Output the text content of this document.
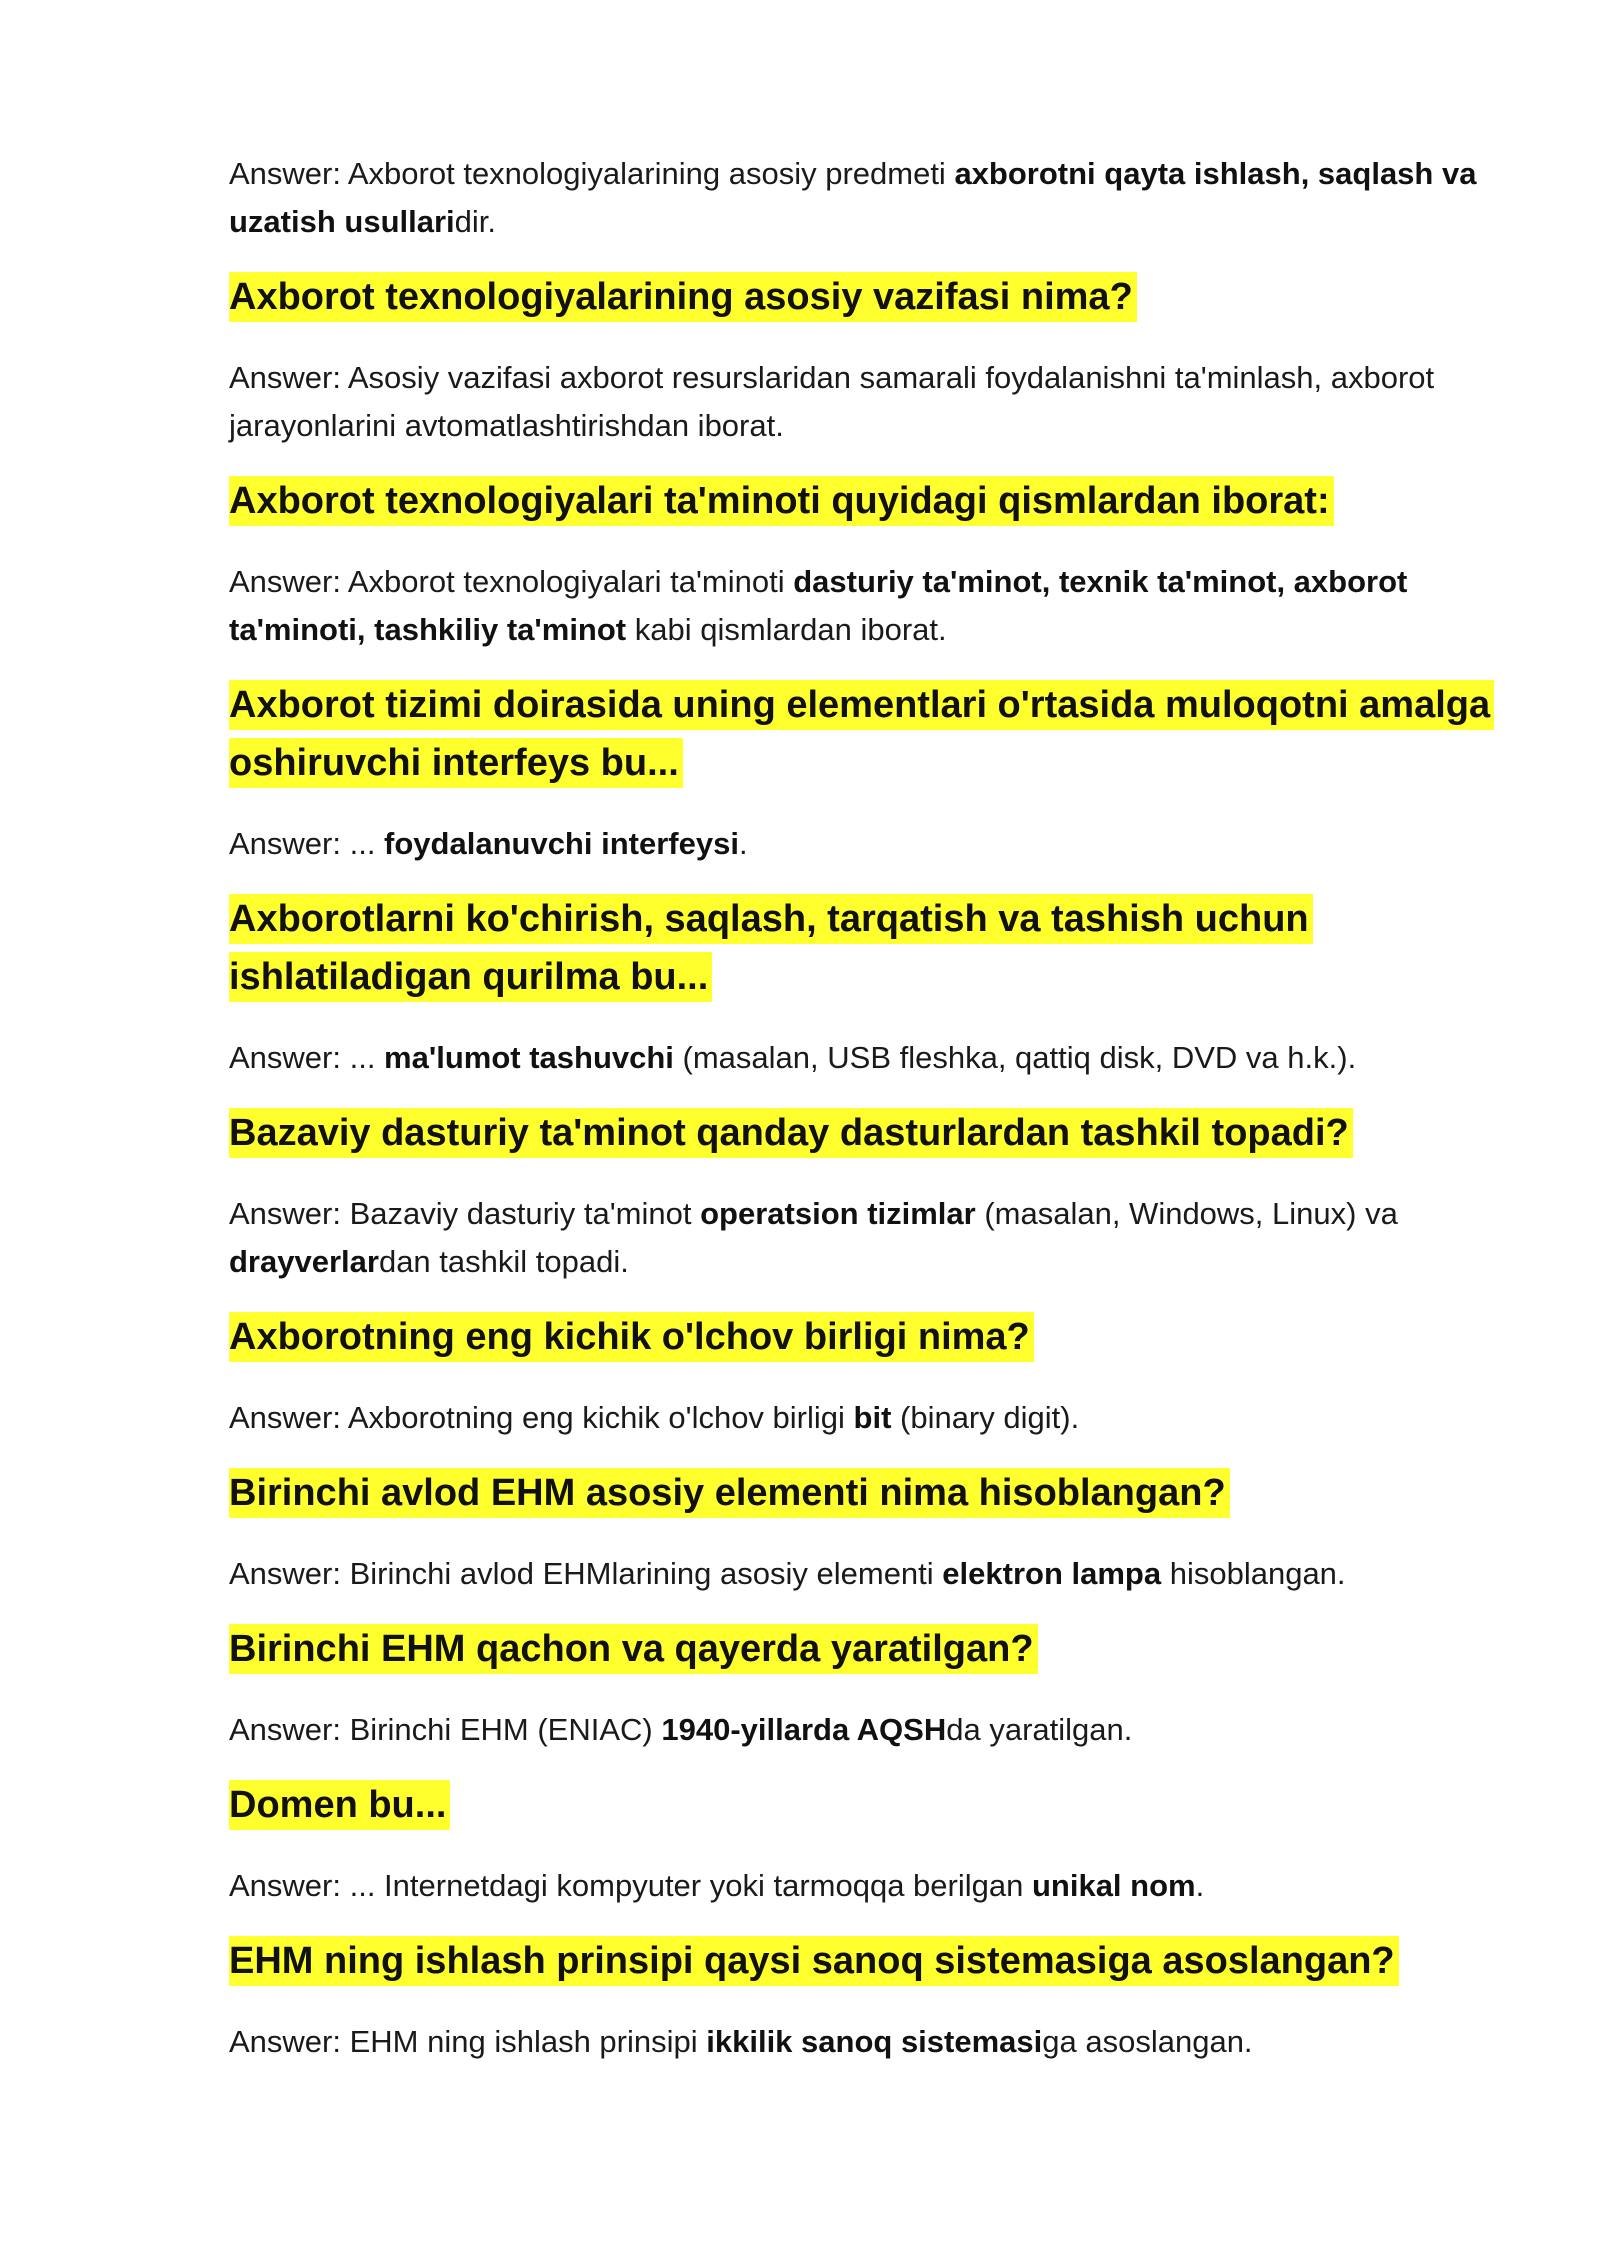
Answer: Axborot texnologiyalarining asosiy predmeti axborotni qayta ishlash, saqlash va uzatish usullaridir.

Axborot texnologiyalarining asosiy vazifasi nima?

Answer: Asosiy vazifasi axborot resurslaridan samarali foydalanishni ta'minlash, axborot jarayonlarini avtomatlashtirishdan iborat.

Axborot texnologiyalari ta'minoti quyidagi qismlardan iborat:

Answer: Axborot texnologiyalari ta'minoti dasturiy ta'minot, texnik ta'minot, axborot ta'minoti, tashkiliy ta'minot kabi qismlardan iborat.

Axborot tizimi doirasida uning elementlari o'rtasida muloqotni amalga oshiruvchi interfeys bu...

Answer: ... foydalanuvchi interfeysi.

Axborotlarni ko'chirish, saqlash, tarqatish va tashish uchun ishlatiladigan qurilma bu...

Answer: ... ma'lumot tashuvchi (masalan, USB fleshka, qattiq disk, DVD va h.k.).

Bazaviy dasturiy ta'minot qanday dasturlardan tashkil topadi?

Answer: Bazaviy dasturiy ta'minot operatsion tizimlar (masalan, Windows, Linux) va drayverlardan tashkil topadi.

Axborotning eng kichik o'lchov birligi nima?

Answer: Axborotning eng kichik o'lchov birligi bit (binary digit).

Birinchi avlod EHM asosiy elementi nima hisoblangan?

Answer: Birinchi avlod EHMlarining asosiy elementi elektron lampa hisoblangan.

Birinchi EHM qachon va qayerda yaratilgan?

Answer: Birinchi EHM (ENIAC) 1940-yillarda AQSHda yaratilgan.

Domen bu...

Answer: ... Internetdagi kompyuter yoki tarmoqqa berilgan unikal nom.

EHM ning ishlash prinsipi qaysi sanoq sistemasiga asoslangan?

Answer: EHM ning ishlash prinsipi ikkilik sanoq sistemasiga asoslangan.
